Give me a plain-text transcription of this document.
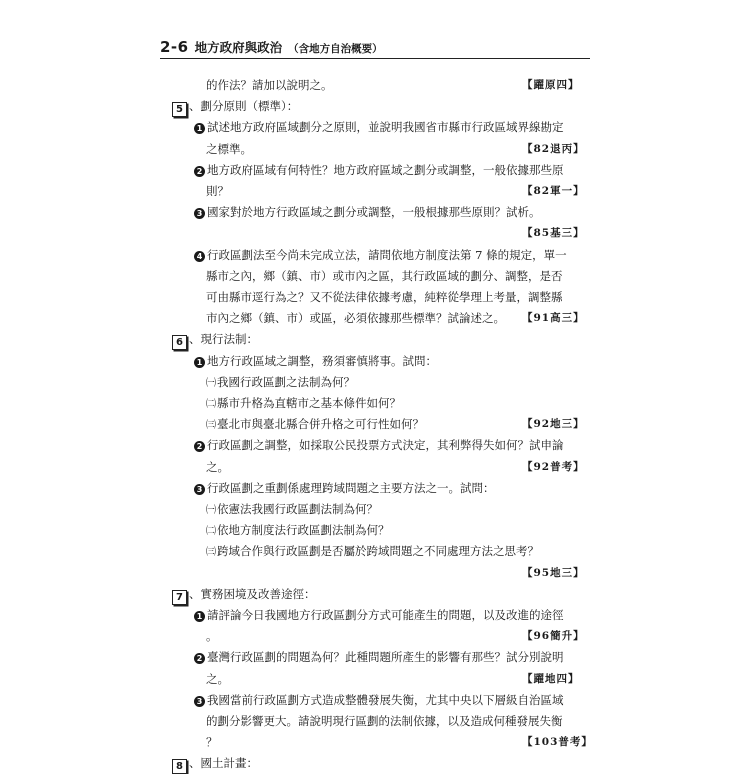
2-6 地方政府與政治 （含地方自治概要）
的作法？請加以說明之。	【躍原四】
5 、劃分原則（標準）：
1 試述地方政府區域劃分之原則，並說明我國省市縣市行政區域界線勘定
之標準。	【82退丙】
2 地方政府區域有何特性？地方政府區域之劃分或調整，一般依據那些原
則？	【82軍一】
3 國家對於地方行政區域之劃分或調整，一般根據那些原則？試析。
【85基三】
4 行政區劃法至今尚未完成立法，請問依地方制度法第 7 條的規定，單一
縣市之內，鄉（鎮、市）或市內之區，其行政區域的劃分、調整，是否
可由縣市逕行為之？又不從法律依據考慮，純粹從學理上考量，調整縣
市內之鄉（鎮、市）或區，必須依據那些標準？試論述之。 【91高三】
6 、現行法制：
1 地方行政區域之調整，務須審慎將事。試問：
㈠我國行政區劃之法制為何？
㈡縣市升格為直轄市之基本條件如何？
㈢臺北市與臺北縣合併升格之可行性如何？	【92地三】
2 行政區劃之調整，如採取公民投票方式決定，其利弊得失如何？試申論
之。	【92普考】
3 行政區劃之重劃係處理跨域問題之主要方法之一。試問：
㈠依憲法我國行政區劃法制為何？
㈡依地方制度法行政區劃法制為何？
㈢跨域合作與行政區劃是否屬於跨域問題之不同處理方法之思考？
【95地三】
7 、實務困境及改善途徑：
1 請評論今日我國地方行政區劃分方式可能產生的問題，以及改進的途徑
。	【96簡升】
2 臺灣行政區劃的問題為何？此種問題所產生的影響有那些？試分別說明
之。	【躍地四】
3 我國當前行政區劃方式造成整體發展失衡，尤其中央以下層級自治區域
的劃分影響更大。請說明現行區劃的法制依據，以及造成何種發展失衡
？	【103普考】
8 、國土計畫：
